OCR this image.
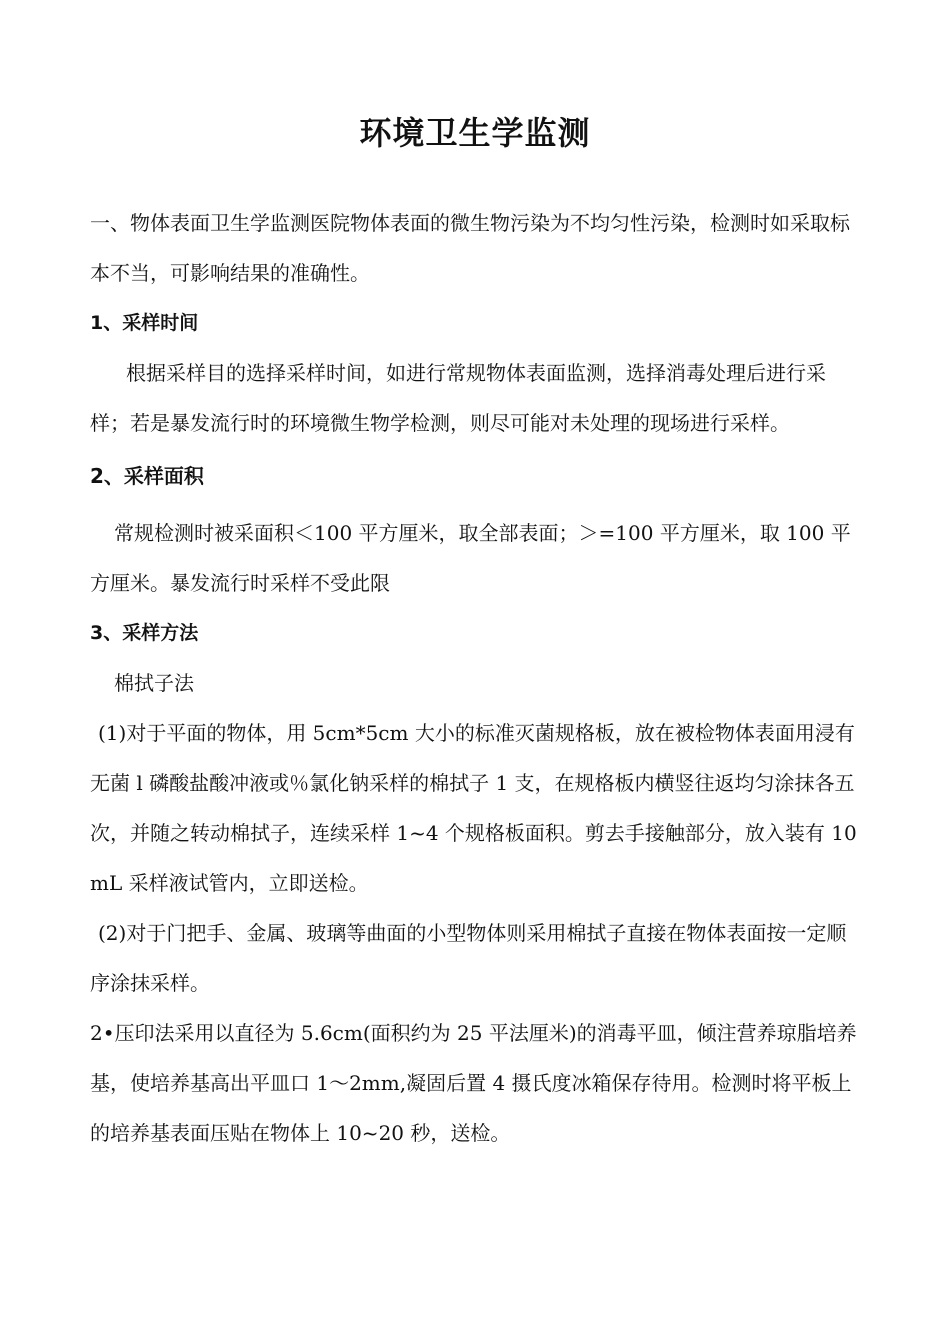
环境卫生学监测

一、物体表面卫生学监测医院物体表面的微生物污染为不均匀性污染，检测时如采取标本不当，可影响结果的准确性。

1、采样时间

根据采样目的选择采样时间，如进行常规物体表面监测，选择消毒处理后进行采样；若是暴发流行时的环境微生物学检测，则尽可能对未处理的现场进行采样。

2、采样面积

常规检测时被采面积＜100 平方厘米，取全部表面；＞=100 平方厘米，取 100 平方厘米。暴发流行时采样不受此限

3、采样方法

棉拭子法

(1)对于平面的物体，用 5cm*5cm 大小的标准灭菌规格板，放在被检物体表面用浸有无菌 l 磷酸盐酸冲液或％氯化钠采样的棉拭子 1 支，在规格板内横竖往返均匀涂抹各五次，并随之转动棉拭子，连续采样 1~4 个规格板面积。剪去手接触部分，放入装有 10mL 采样液试管内，立即送检。

(2)对于门把手、金属、玻璃等曲面的小型物体则采用棉拭子直接在物体表面按一定顺序涂抹采样。

2•压印法采用以直径为 5.6cm(面积约为 25 平法厘米)的消毒平皿，倾注营养琼脂培养基，使培养基高出平皿口 1～2mm,凝固后置 4 摄氏度冰箱保存待用。检测时将平板上的培养基表面压贴在物体上 10~20 秒，送检。
